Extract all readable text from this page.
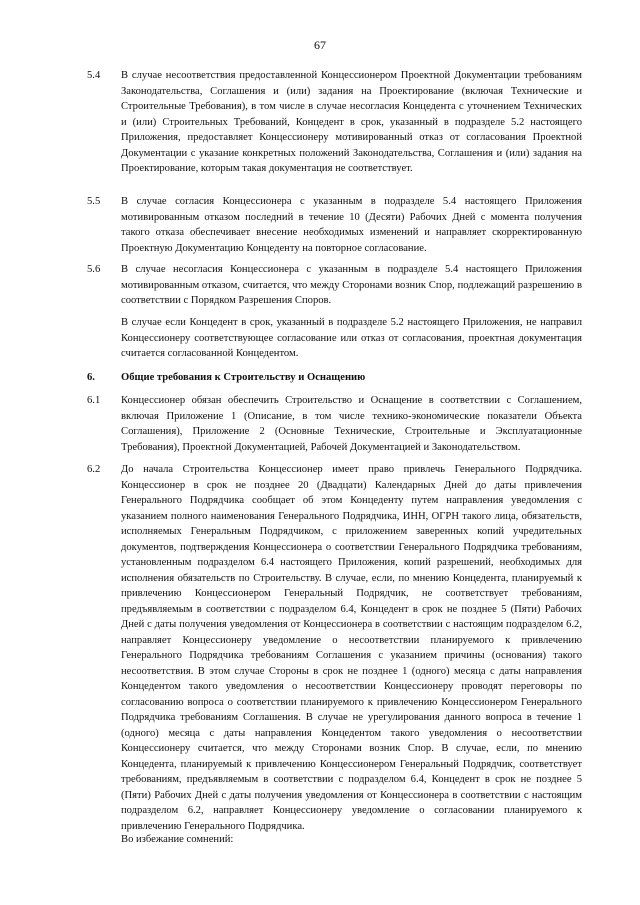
67
5.4	В случае несоответствия предоставленной Концессионером Проектной Документации требованиям Законодательства, Соглашения и (или) задания на Проектирование (включая Технические и Строительные Требования), в том числе в случае несогласия Концедента с уточнением Технических и (или) Строительных Требований, Концедент в срок, указанный в подразделе 5.2 настоящего Приложения, предоставляет Концессионеру мотивированный отказ от согласования Проектной Документации с указание конкретных положений Законодательства, Соглашения и (или) задания на Проектирование, которым такая документация не соответствует.
5.5	В случае согласия Концессионера с указанным в подразделе 5.4 настоящего Приложения мотивированным отказом последний в течение 10 (Десяти) Рабочих Дней с момента получения такого отказа обеспечивает внесение необходимых изменений и направляет скорректированную Проектную Документацию Концеденту на повторное согласование.
5.6	В случае несогласия Концессионера с указанным в подразделе 5.4 настоящего Приложения мотивированным отказом, считается, что между Сторонами возник Спор, подлежащий разрешению в соответствии с Порядком Разрешения Споров.
В случае если Концедент в срок, указанный в подразделе 5.2 настоящего Приложения, не направил Концессионеру соответствующее согласование или отказ от согласования, проектная документация считается согласованной Концедентом.
6.	Общие требования к Строительству и Оснащению
6.1	Концессионер обязан обеспечить Строительство и Оснащение в соответствии с Соглашением, включая Приложение 1 (Описание, в том числе технико-экономические показатели Объекта Соглашения), Приложение 2 (Основные Технические, Строительные и Эксплуатационные Требования), Проектной Документацией, Рабочей Документацией и Законодательством.
6.2	До начала Строительства Концессионер имеет право привлечь Генерального Подрядчика. Концессионер в срок не позднее 20 (Двадцати) Календарных Дней до даты привлечения Генерального Подрядчика сообщает об этом Концеденту путем направления уведомления с указанием полного наименования Генерального Подрядчика, ИНН, ОГРН такого лица, обязательств, исполняемых Генеральным Подрядчиком, с приложением заверенных копий учредительных документов, подтверждения Концессионера о соответствии Генерального Подрядчика требованиям, установленным подразделом 6.4 настоящего Приложения, копий разрешений, необходимых для исполнения обязательств по Строительству. В случае, если, по мнению Концедента, планируемый к привлечению Концессионером Генеральный Подрядчик, не соответствует требованиям, предъявляемым в соответствии с подразделом 6.4, Концедент в срок не позднее 5 (Пяти) Рабочих Дней с даты получения уведомления от Концессионера в соответствии с настоящим подразделом 6.2, направляет Концессионеру уведомление о несоответствии планируемого к привлечению Генерального Подрядчика требованиям Соглашения с указанием причины (основания) такого несоответствия. В этом случае Стороны в срок не позднее 1 (одного) месяца с даты направления Концедентом такого уведомления о несоответствии Концессионеру проводят переговоры по согласованию вопроса о соответствии планируемого к привлечению Концессионером Генерального Подрядчика требованиям Соглашения. В случае не урегулирования данного вопроса в течение 1 (одного) месяца с даты направления Концедентом такого уведомления о несоответствии Концессионеру считается, что между Сторонами возник Спор. В случае, если, по мнению Концедента, планируемый к привлечению Концессионером Генеральный Подрядчик, соответствует требованиям, предъявляемым в соответствии с подразделом 6.4, Концедент в срок не позднее 5 (Пяти) Рабочих Дней с даты получения уведомления от Концессионера в соответствии с настоящим подразделом 6.2, направляет Концессионеру уведомление о согласовании планируемого к привлечению Генерального Подрядчика.
Во избежание сомнений:
